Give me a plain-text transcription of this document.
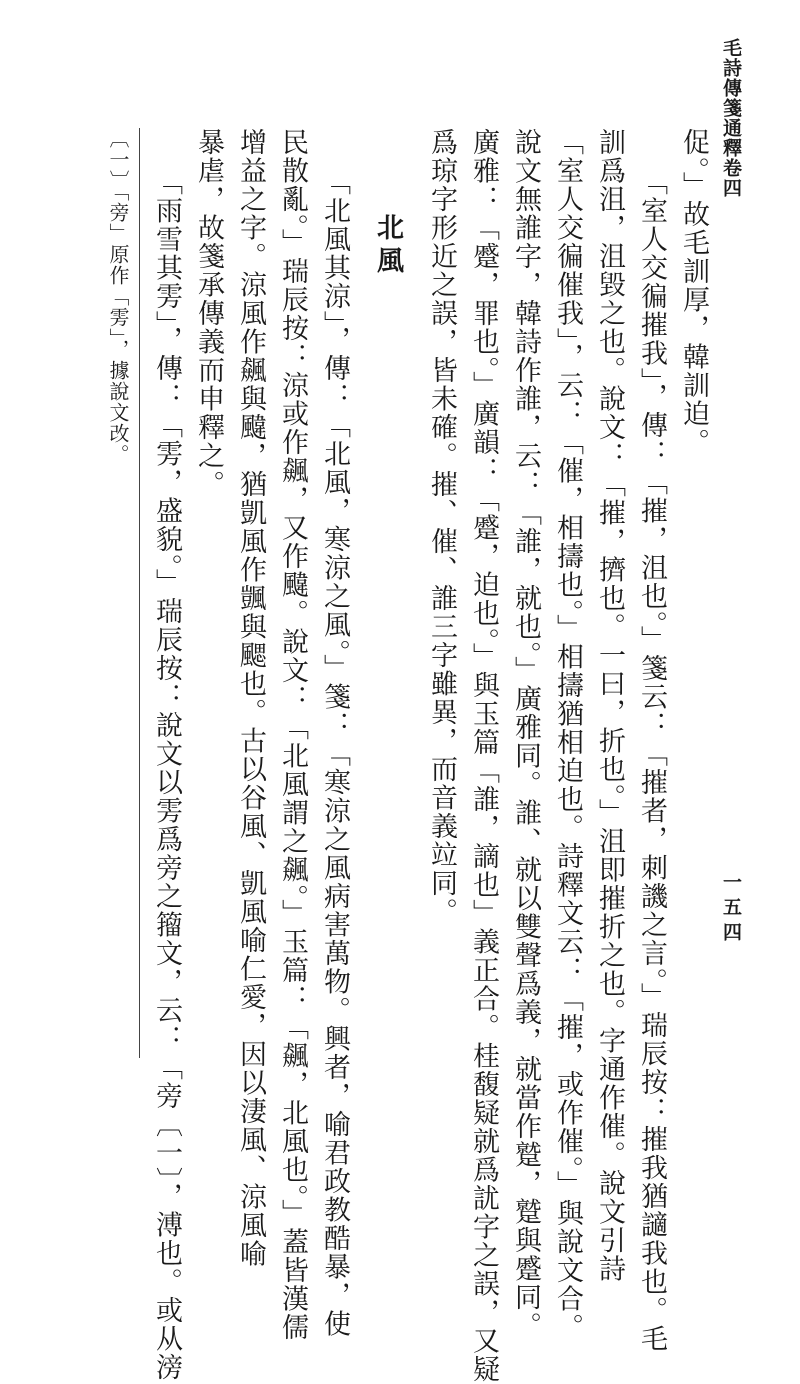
毛詩傳箋通釋卷四
一五四
促。」故毛訓厚，韓訓迫。
「室人交徧摧我」，傳：「摧，沮也。」箋云：「摧者，刺譏之言。」瑞辰按：摧我猶讁我也。毛
訓爲沮，沮毀之也。說文：「摧，擠也。一曰，折也。」沮即摧折之也。字通作催。說文引詩
「室人交徧催我」，云：「催，相擣也。」相擣猶相迫也。詩釋文云：「摧，或作催。」與說文合。
說文無誰字，韓詩作誰，云：「誰，就也。」廣雅同。誰、就以雙聲爲義，就當作蹵，蹵與蹙同。
廣雅：「蹙，罪也。」廣韻：「蹙，迫也。」與玉篇「誰，謫也」義正合。桂馥疑就爲訧字之誤，又疑
爲琼字形近之誤，皆未確。摧、催、誰三字雖異，而音義竝同。
北風
「北風其涼」，傳：「北風，寒涼之風。」箋：「寒涼之風病害萬物。興者，喻君政教酷暴，使
民散亂。」瑞辰按：涼或作飆，又作颹。說文：「北風謂之飆。」玉篇：「飆，北風也。」蓋皆漢儒
增益之字。涼風作飆與颹，猶凱風作颽與颸也。古以谷風、凱風喻仁愛，因以淒風、涼風喻
暴虐，故箋承傳義而申釋之。
「雨雪其雱」，傳：「雱，盛貌。」瑞辰按：說文以雱爲旁之籀文，云：「旁〔一〕，溥也。或从滂
〔一〕「旁」原作「雱」，據說文改。
